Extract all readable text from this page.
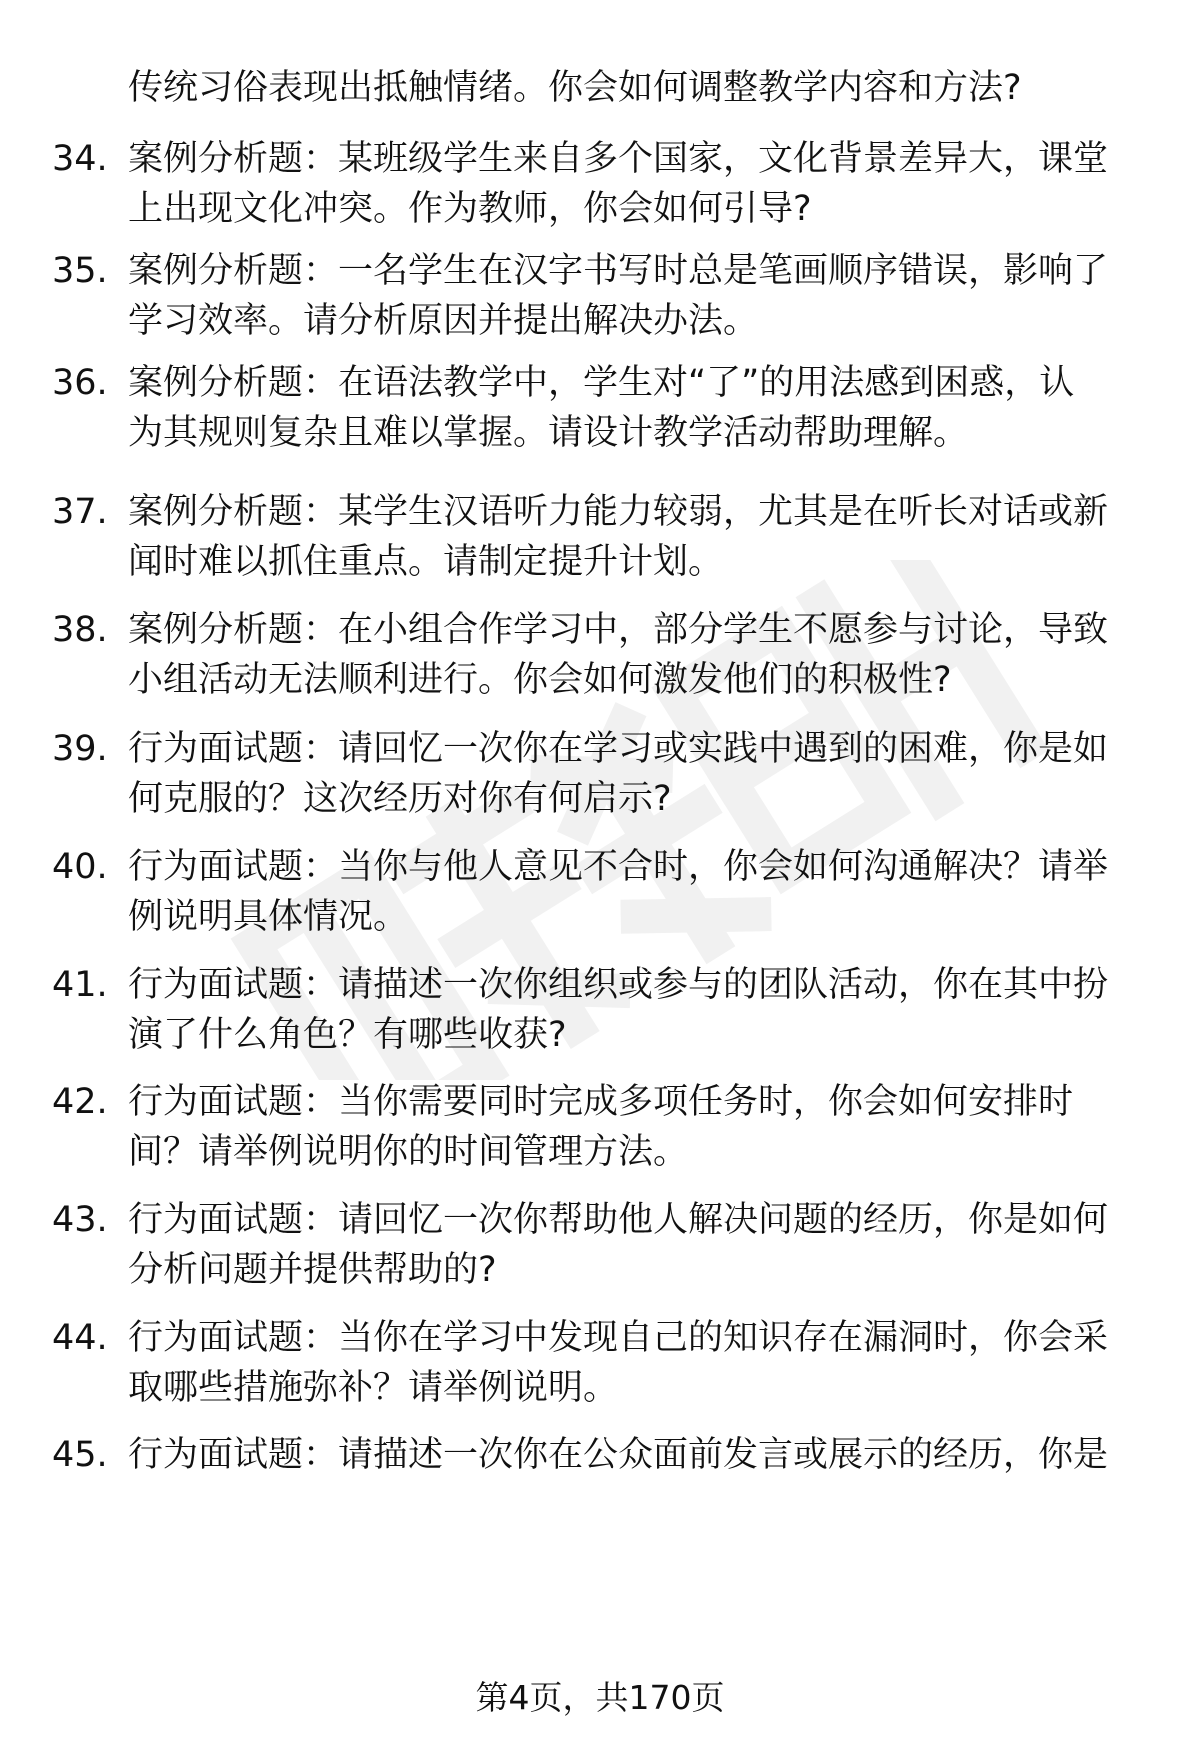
传统习俗表现出抵触情绪。你会如何调整教学内容和方法?
34. 案例分析题：某班级学生来自多个国家，文化背景差异大，课堂
上出现文化冲突。作为教师，你会如何引导?
35. 案例分析题：一名学生在汉字书写时总是笔画顺序错误，影响了
学习效率。请分析原因并提出解决办法。
36. 案例分析题：在语法教学中，学生对“了”的用法感到困惑，认
为其规则复杂且难以掌握。请设计教学活动帮助理解。
37. 案例分析题：某学生汉语听力能力较弱，尤其是在听长对话或新
闻时难以抓住重点。请制定提升计划。
38. 案例分析题：在小组合作学习中，部分学生不愿参与讨论，导致
小组活动无法顺利进行。你会如何激发他们的积极性?
39. 行为面试题：请回忆一次你在学习或实践中遇到的困难，你是如
何克服的？这次经历对你有何启示?
40. 行为面试题：当你与他人意见不合时，你会如何沟通解决？请举
例说明具体情况。
41. 行为面试题：请描述一次你组织或参与的团队活动，你在其中扮
演了什么角色？有哪些收获?
42. 行为面试题：当你需要同时完成多项任务时，你会如何安排时
间？请举例说明你的时间管理方法。
43. 行为面试题：请回忆一次你帮助他人解决问题的经历，你是如何
分析问题并提供帮助的?
44. 行为面试题：当你在学习中发现自己的知识存在漏洞时，你会采
取哪些措施弥补？请举例说明。
45. 行为面试题：请描述一次你在公众面前发言或展示的经历，你是
第4页，共170页
